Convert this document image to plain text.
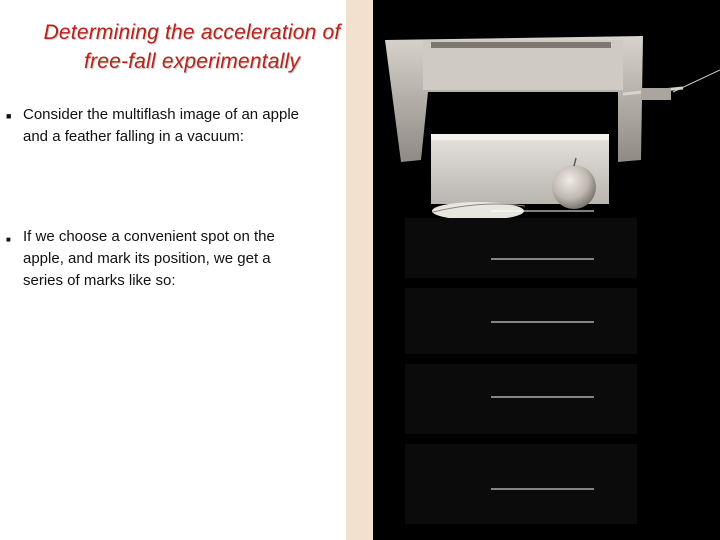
Determining the acceleration of
free-fall experimentally
■ Consider the multiflash image of an apple
and a feather falling in a vacuum:
■ If we choose a convenient spot on the
apple, and mark its position, we get a
series of marks like so:
